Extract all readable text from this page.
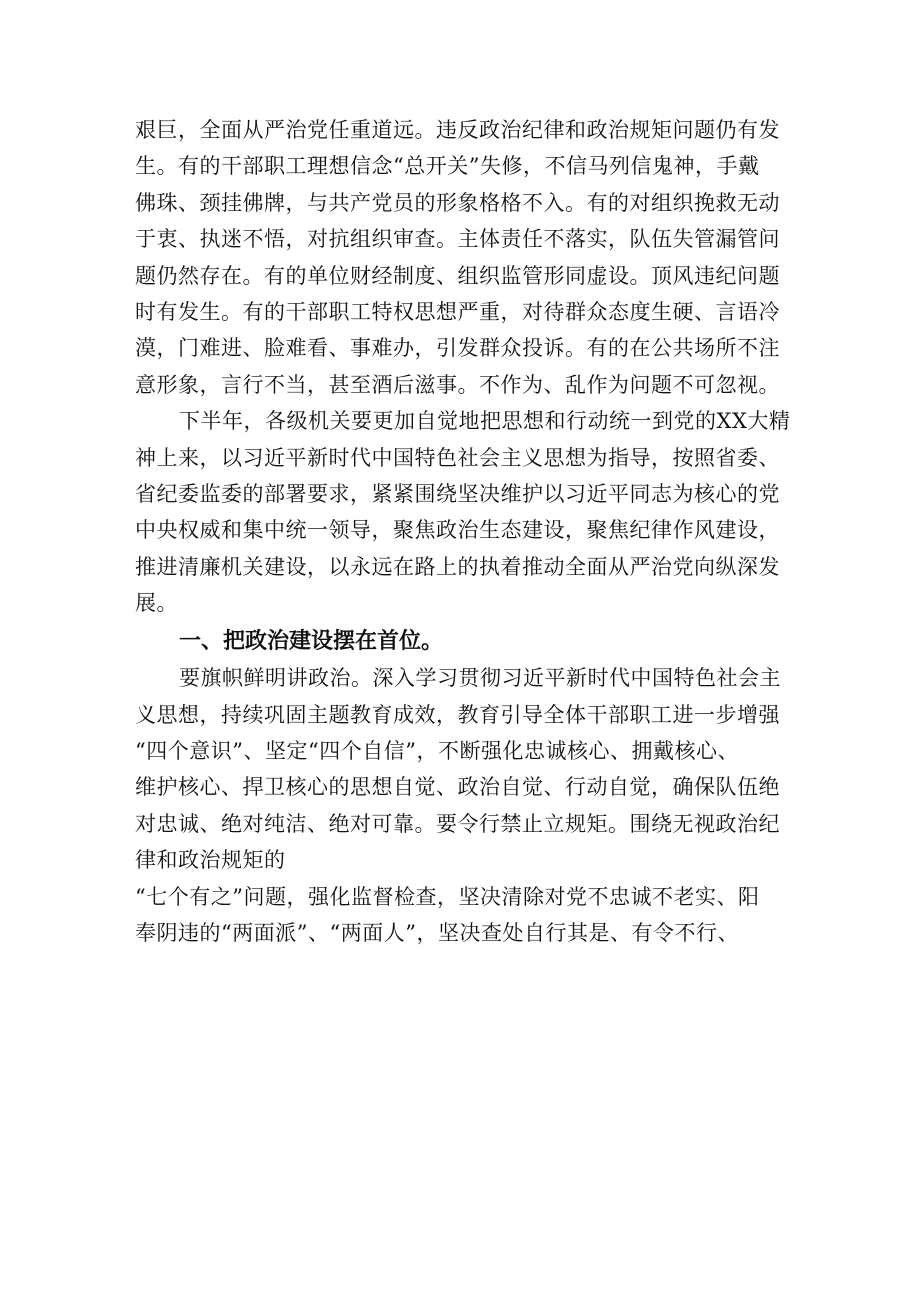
艰巨，全面从严治党任重道远。违反政治纪律和政治规矩问题仍有发
生。有的干部职工理想信念“总开关”失修，不信马列信鬼神，手戴
佛珠、颈挂佛牌，与共产党员的形象格格不入。有的对组织挽救无动
于衷、执迷不悟，对抗组织审查。主体责任不落实，队伍失管漏管问
题仍然存在。有的单位财经制度、组织监管形同虚设。顶风违纪问题
时有发生。有的干部职工特权思想严重，对待群众态度生硬、言语冷
漠，门难进、脸难看、事难办，引发群众投诉。有的在公共场所不注
意形象，言行不当，甚至酒后滋事。不作为、乱作为问题不可忽视。

下半年，各级机关要更加自觉地把思想和行动统一到党的XX大精
神上来，以习近平新时代中国特色社会主义思想为指导，按照省委、
省纪委监委的部署要求，紧紧围绕坚决维护以习近平同志为核心的党
中央权威和集中统一领导，聚焦政治生态建设，聚焦纪律作风建设，
推进清廉机关建设，以永远在路上的执着推动全面从严治党向纵深发
展。

一、把政治建设摆在首位。

要旗帜鲜明讲政治。深入学习贯彻习近平新时代中国特色社会主
义思想，持续巩固主题教育成效，教育引导全体干部职工进一步增强
“四个意识”、坚定“四个自信”，不断强化忠诚核心、拥戴核心、
维护核心、捍卫核心的思想自觉、政治自觉、行动自觉，确保队伍绝
对忠诚、绝对纯洁、绝对可靠。要令行禁止立规矩。围绕无视政治纪
律和政治规矩的

“七个有之”问题，强化监督检查，坚决清除对党不忠诚不老实、阳
奉阴违的“两面派”、“两面人”，坚决查处自行其是、有令不行、
